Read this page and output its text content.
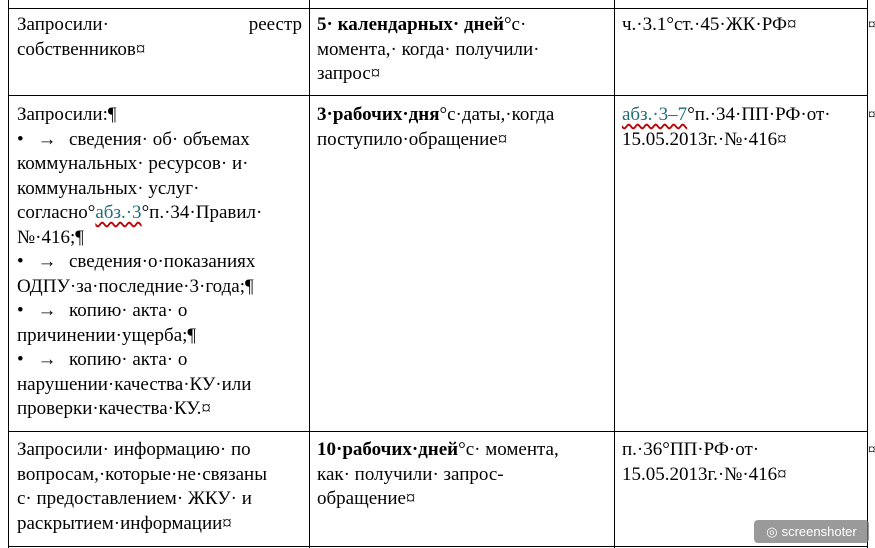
Запросили·	реестр
собственников¤
5· календарных· дней°с·
момента,· когда· получили·
запрос¤
ч.·3.1°ст.·45·ЖК·РФ¤	¤
Запросили:¶
• → сведения· об· объемах
коммунальных· ресурсов· и·
коммунальных· услуг·
согласно°абз.·3°п.·34·Правил·
№·416;¶
• → сведения·о·показаниях
ОДПУ·за·последние·3·года;¶
• → копию· акта· о
причинении·ущерба;¶
• → копию· акта· о
нарушении·качества·КУ·или
проверки·качества·КУ.¤
3·рабочих·дня°с·даты,·когда
поступило·обращение¤
абз.·3–7°п.·34·ПП·РФ·от·
15.05.2013г.·№·416¤
¤
Запросили· информацию· по
вопросам,·которые·не·связаны
с· предоставлением· ЖКУ· и
раскрытием·информации¤
10·рабочих·дней°с· момента,
как· получили· запрос-
обращение¤
п.·36°ПП·РФ·от·
15.05.2013г.·№·416¤
¤
◎ screenshoter
